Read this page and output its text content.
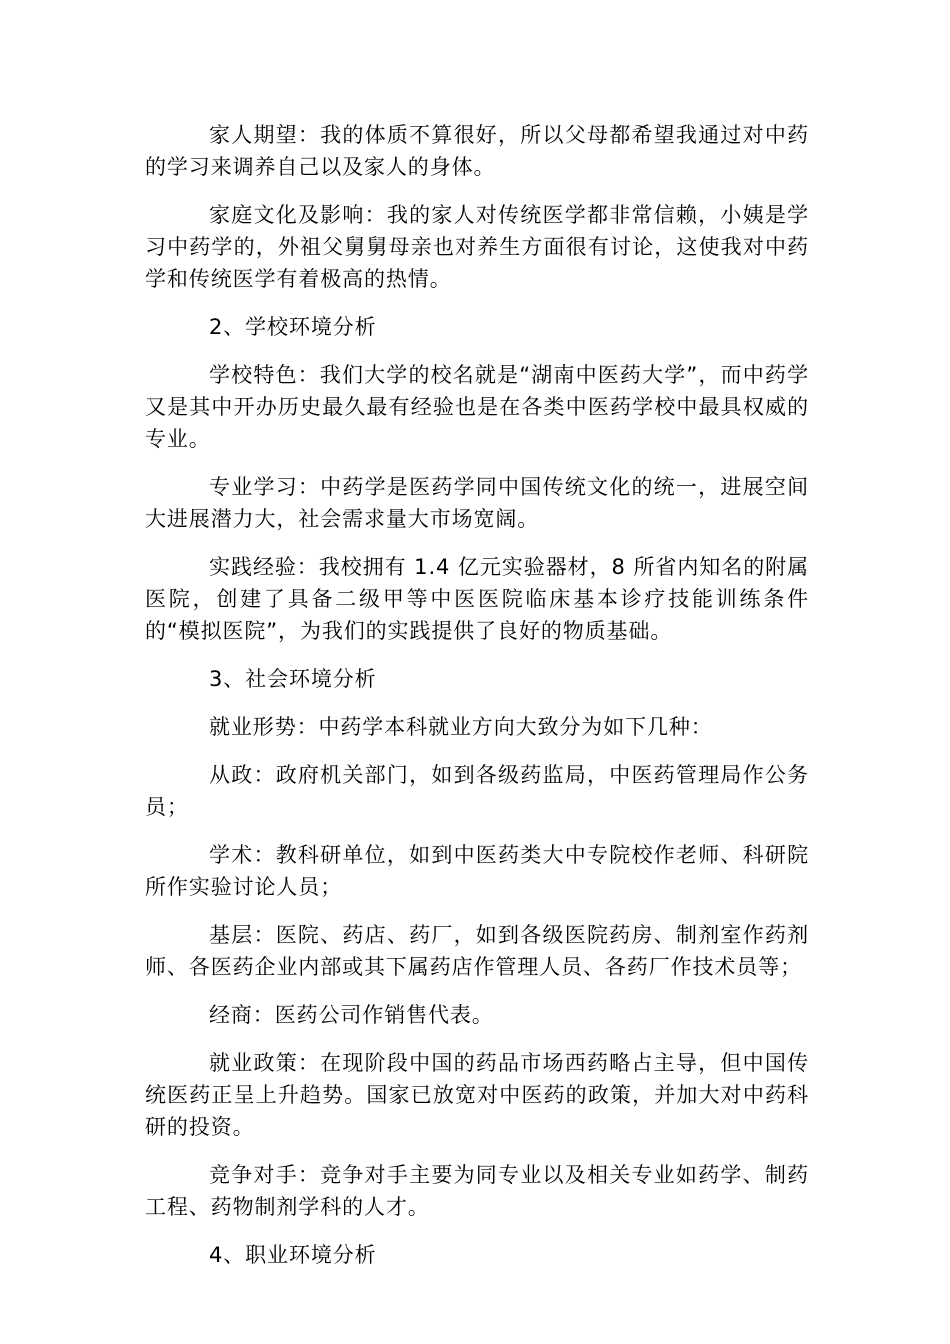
家人期望：我的体质不算很好，所以父母都希望我通过对中药的学习来调养自己以及家人的身体。

家庭文化及影响：我的家人对传统医学都非常信赖，小姨是学习中药学的，外祖父舅舅母亲也对养生方面很有讨论，这使我对中药学和传统医学有着极高的热情。

2、学校环境分析

学校特色：我们大学的校名就是“湖南中医药大学”，而中药学又是其中开办历史最久最有经验也是在各类中医药学校中最具权威的专业。

专业学习：中药学是医药学同中国传统文化的统一，进展空间大进展潜力大，社会需求量大市场宽阔。

实践经验：我校拥有 1.4 亿元实验器材，8 所省内知名的附属医院，创建了具备二级甲等中医医院临床基本诊疗技能训练条件的“模拟医院”，为我们的实践提供了良好的物质基础。

3、社会环境分析

就业形势：中药学本科就业方向大致分为如下几种：

从政：政府机关部门，如到各级药监局，中医药管理局作公务员；

学术：教科研单位，如到中医药类大中专院校作老师、科研院所作实验讨论人员；

基层：医院、药店、药厂，如到各级医院药房、制剂室作药剂师、各医药企业内部或其下属药店作管理人员、各药厂作技术员等；

经商：医药公司作销售代表。

就业政策：在现阶段中国的药品市场西药略占主导，但中国传统医药正呈上升趋势。国家已放宽对中医药的政策，并加大对中药科研的投资。

竞争对手：竞争对手主要为同专业以及相关专业如药学、制药工程、药物制剂学科的人才。

4、职业环境分析
